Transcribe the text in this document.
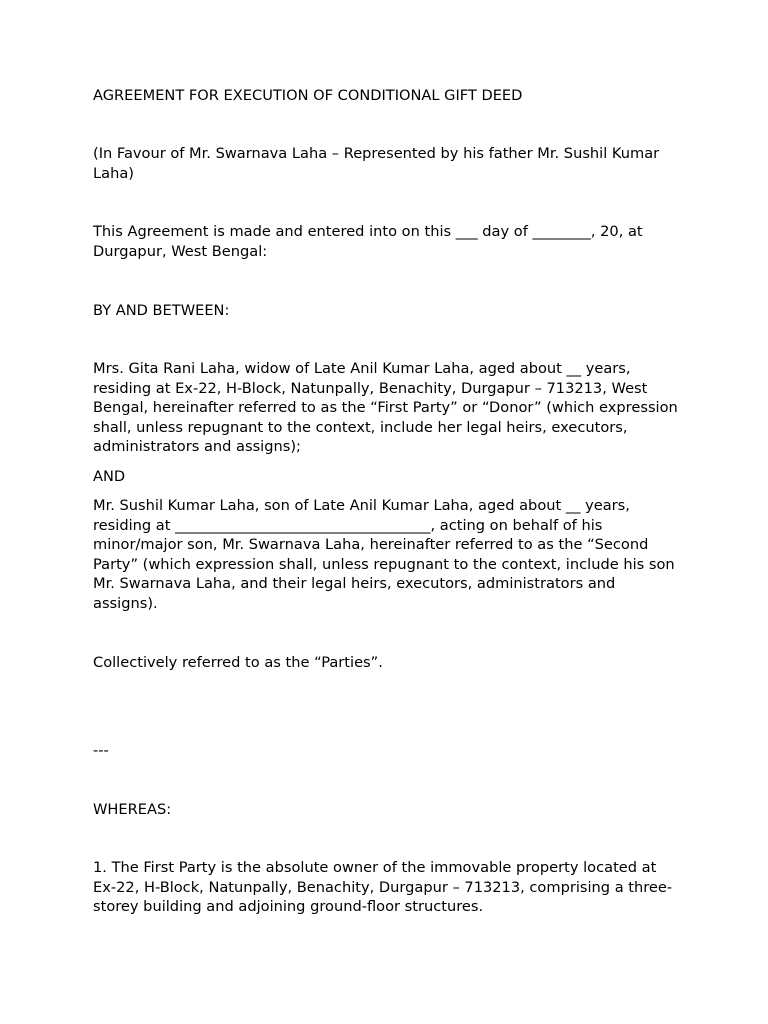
AGREEMENT FOR EXECUTION OF CONDITIONAL GIFT DEED

(In Favour of Mr. Swarnava Laha – Represented by his father Mr. Sushil Kumar Laha)

This Agreement is made and entered into on this ___ day of ________, 20, at Durgapur, West Bengal:

BY AND BETWEEN:

Mrs. Gita Rani Laha, widow of Late Anil Kumar Laha, aged about __ years, residing at Ex-22, H-Block, Natunpally, Benachity, Durgapur – 713213, West Bengal, hereinafter referred to as the “First Party” or “Donor” (which expression shall, unless repugnant to the context, include her legal heirs, executors, administrators and assigns);

AND

Mr. Sushil Kumar Laha, son of Late Anil Kumar Laha, aged about __ years, residing at ___________________________________, acting on behalf of his minor/major son, Mr. Swarnava Laha, hereinafter referred to as the “Second Party” (which expression shall, unless repugnant to the context, include his son Mr. Swarnava Laha, and their legal heirs, executors, administrators and assigns).

Collectively referred to as the “Parties”.

---

WHEREAS:

1. The First Party is the absolute owner of the immovable property located at Ex-22, H-Block, Natunpally, Benachity, Durgapur – 713213, comprising a three-storey building and adjoining ground-floor structures.
